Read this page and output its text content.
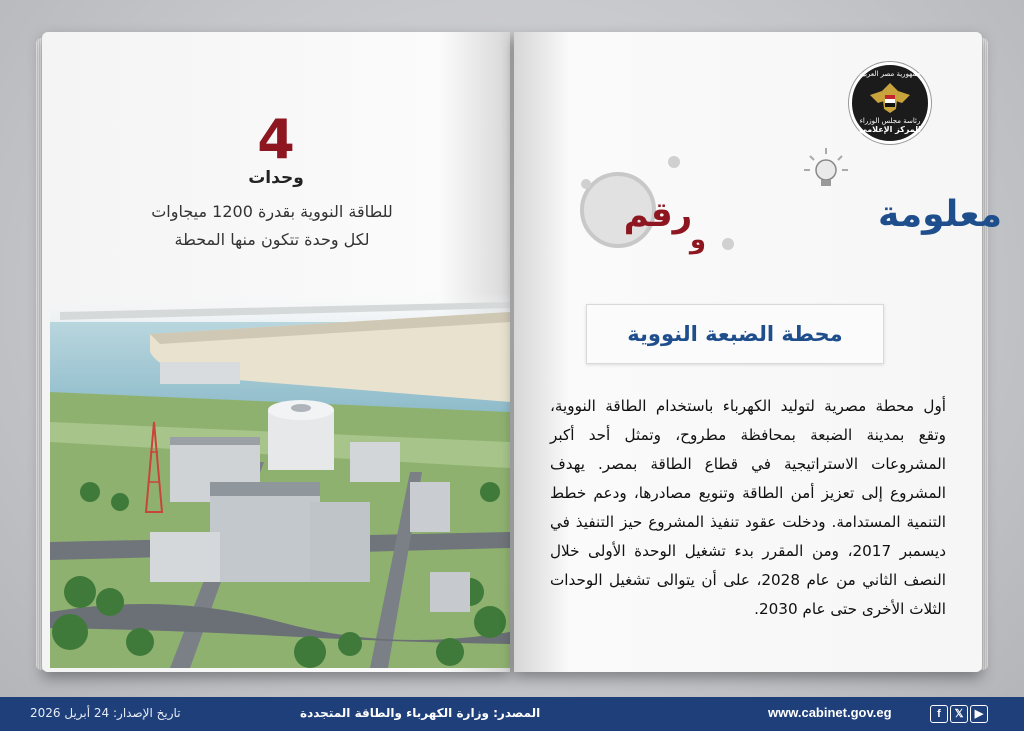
4
وحدات
للطاقة النووية بقدرة 1200 ميجاوات
لكل وحدة تتكون منها المحطة
جمهورية مصر العربية
رئاسة مجلس الوزراء
المركز الإعلامي
معلومة
و
رقم
محطة الضبعة النووية
أول محطة مصرية لتوليد الكهرباء باستخدام الطاقة النووية، وتقع بمدينة الضبعة بمحافظة مطروح، وتمثل أحد أكبر المشروعات الاستراتيجية في قطاع الطاقة بمصر. يهدف المشروع إلى تعزيز أمن الطاقة وتنويع مصادرها، ودعم خطط التنمية المستدامة. ودخلت عقود تنفيذ المشروع حيز التنفيذ في ديسمبر 2017، ومن المقرر بدء تشغيل الوحدة الأولى خلال النصف الثاني من عام 2028، على أن يتوالى تشغيل الوحدات الثلاث الأخرى حتى عام 2030.
تاريخ الإصدار: 24 أبريل 2026	المصدر: وزارة الكهرباء والطاقة المتجددة	www.cabinet.gov.eg	f	𝕏	▶
